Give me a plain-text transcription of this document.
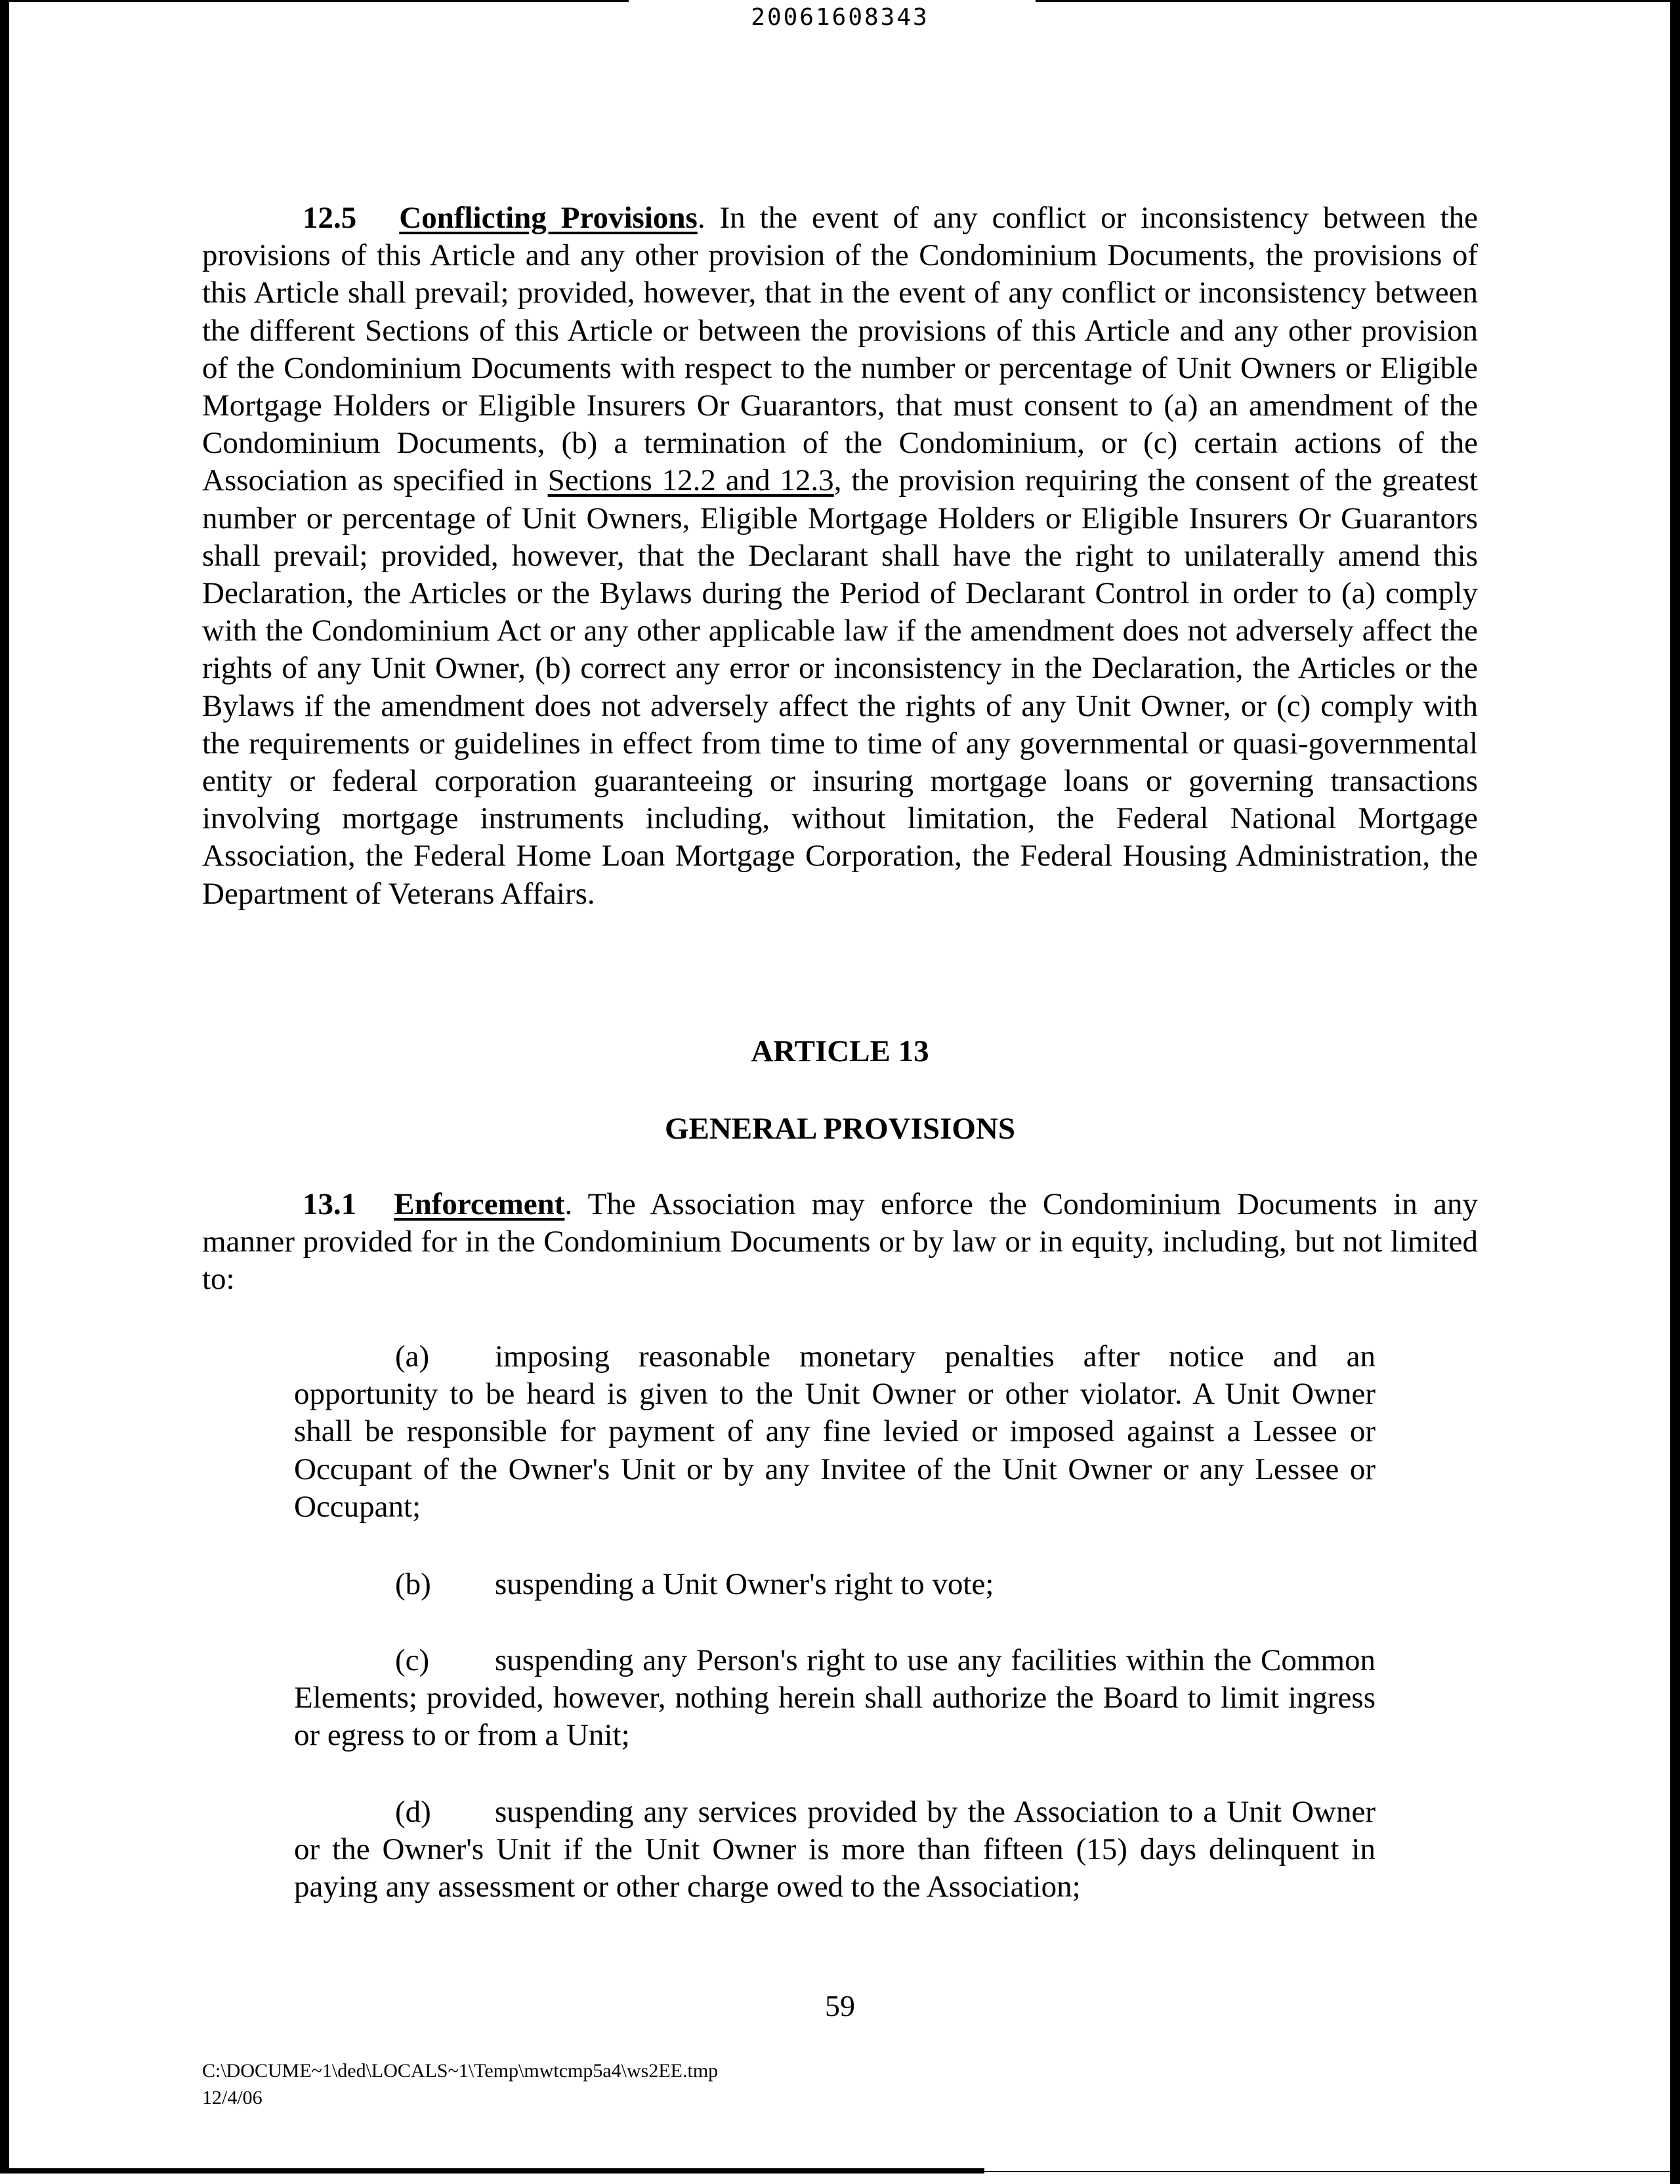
20061608343
12.5 Conflicting Provisions. In the event of any conflict or inconsistency between the provisions of this Article and any other provision of the Condominium Documents, the provisions of this Article shall prevail; provided, however, that in the event of any conflict or inconsistency between the different Sections of this Article or between the provisions of this Article and any other provision of the Condominium Documents with respect to the number or percentage of Unit Owners or Eligible Mortgage Holders or Eligible Insurers Or Guarantors, that must consent to (a) an amendment of the Condominium Documents, (b) a termination of the Condominium, or (c) certain actions of the Association as specified in Sections 12.2 and 12.3, the provision requiring the consent of the greatest number or percentage of Unit Owners, Eligible Mortgage Holders or Eligible Insurers Or Guarantors shall prevail; provided, however, that the Declarant shall have the right to unilaterally amend this Declaration, the Articles or the Bylaws during the Period of Declarant Control in order to (a) comply with the Condominium Act or any other applicable law if the amendment does not adversely affect the rights of any Unit Owner, (b) correct any error or inconsistency in the Declaration, the Articles or the Bylaws if the amendment does not adversely affect the rights of any Unit Owner, or (c) comply with the requirements or guidelines in effect from time to time of any governmental or quasi-governmental entity or federal corporation guaranteeing or insuring mortgage loans or governing transactions involving mortgage instruments including, without limitation, the Federal National Mortgage Association, the Federal Home Loan Mortgage Corporation, the Federal Housing Administration, the Department of Veterans Affairs.
ARTICLE 13
GENERAL PROVISIONS
13.1 Enforcement. The Association may enforce the Condominium Documents in any manner provided for in the Condominium Documents or by law or in equity, including, but not limited to:
(a) imposing reasonable monetary penalties after notice and an opportunity to be heard is given to the Unit Owner or other violator. A Unit Owner shall be responsible for payment of any fine levied or imposed against a Lessee or Occupant of the Owner's Unit or by any Invitee of the Unit Owner or any Lessee or Occupant;
(b) suspending a Unit Owner's right to vote;
(c) suspending any Person's right to use any facilities within the Common Elements; provided, however, nothing herein shall authorize the Board to limit ingress or egress to or from a Unit;
(d) suspending any services provided by the Association to a Unit Owner or the Owner's Unit if the Unit Owner is more than fifteen (15) days delinquent in paying any assessment or other charge owed to the Association;
59
C:\DOCUME~1\ded\LOCALS~1\Temp\mwtcmp5a4\ws2EE.tmp
12/4/06
